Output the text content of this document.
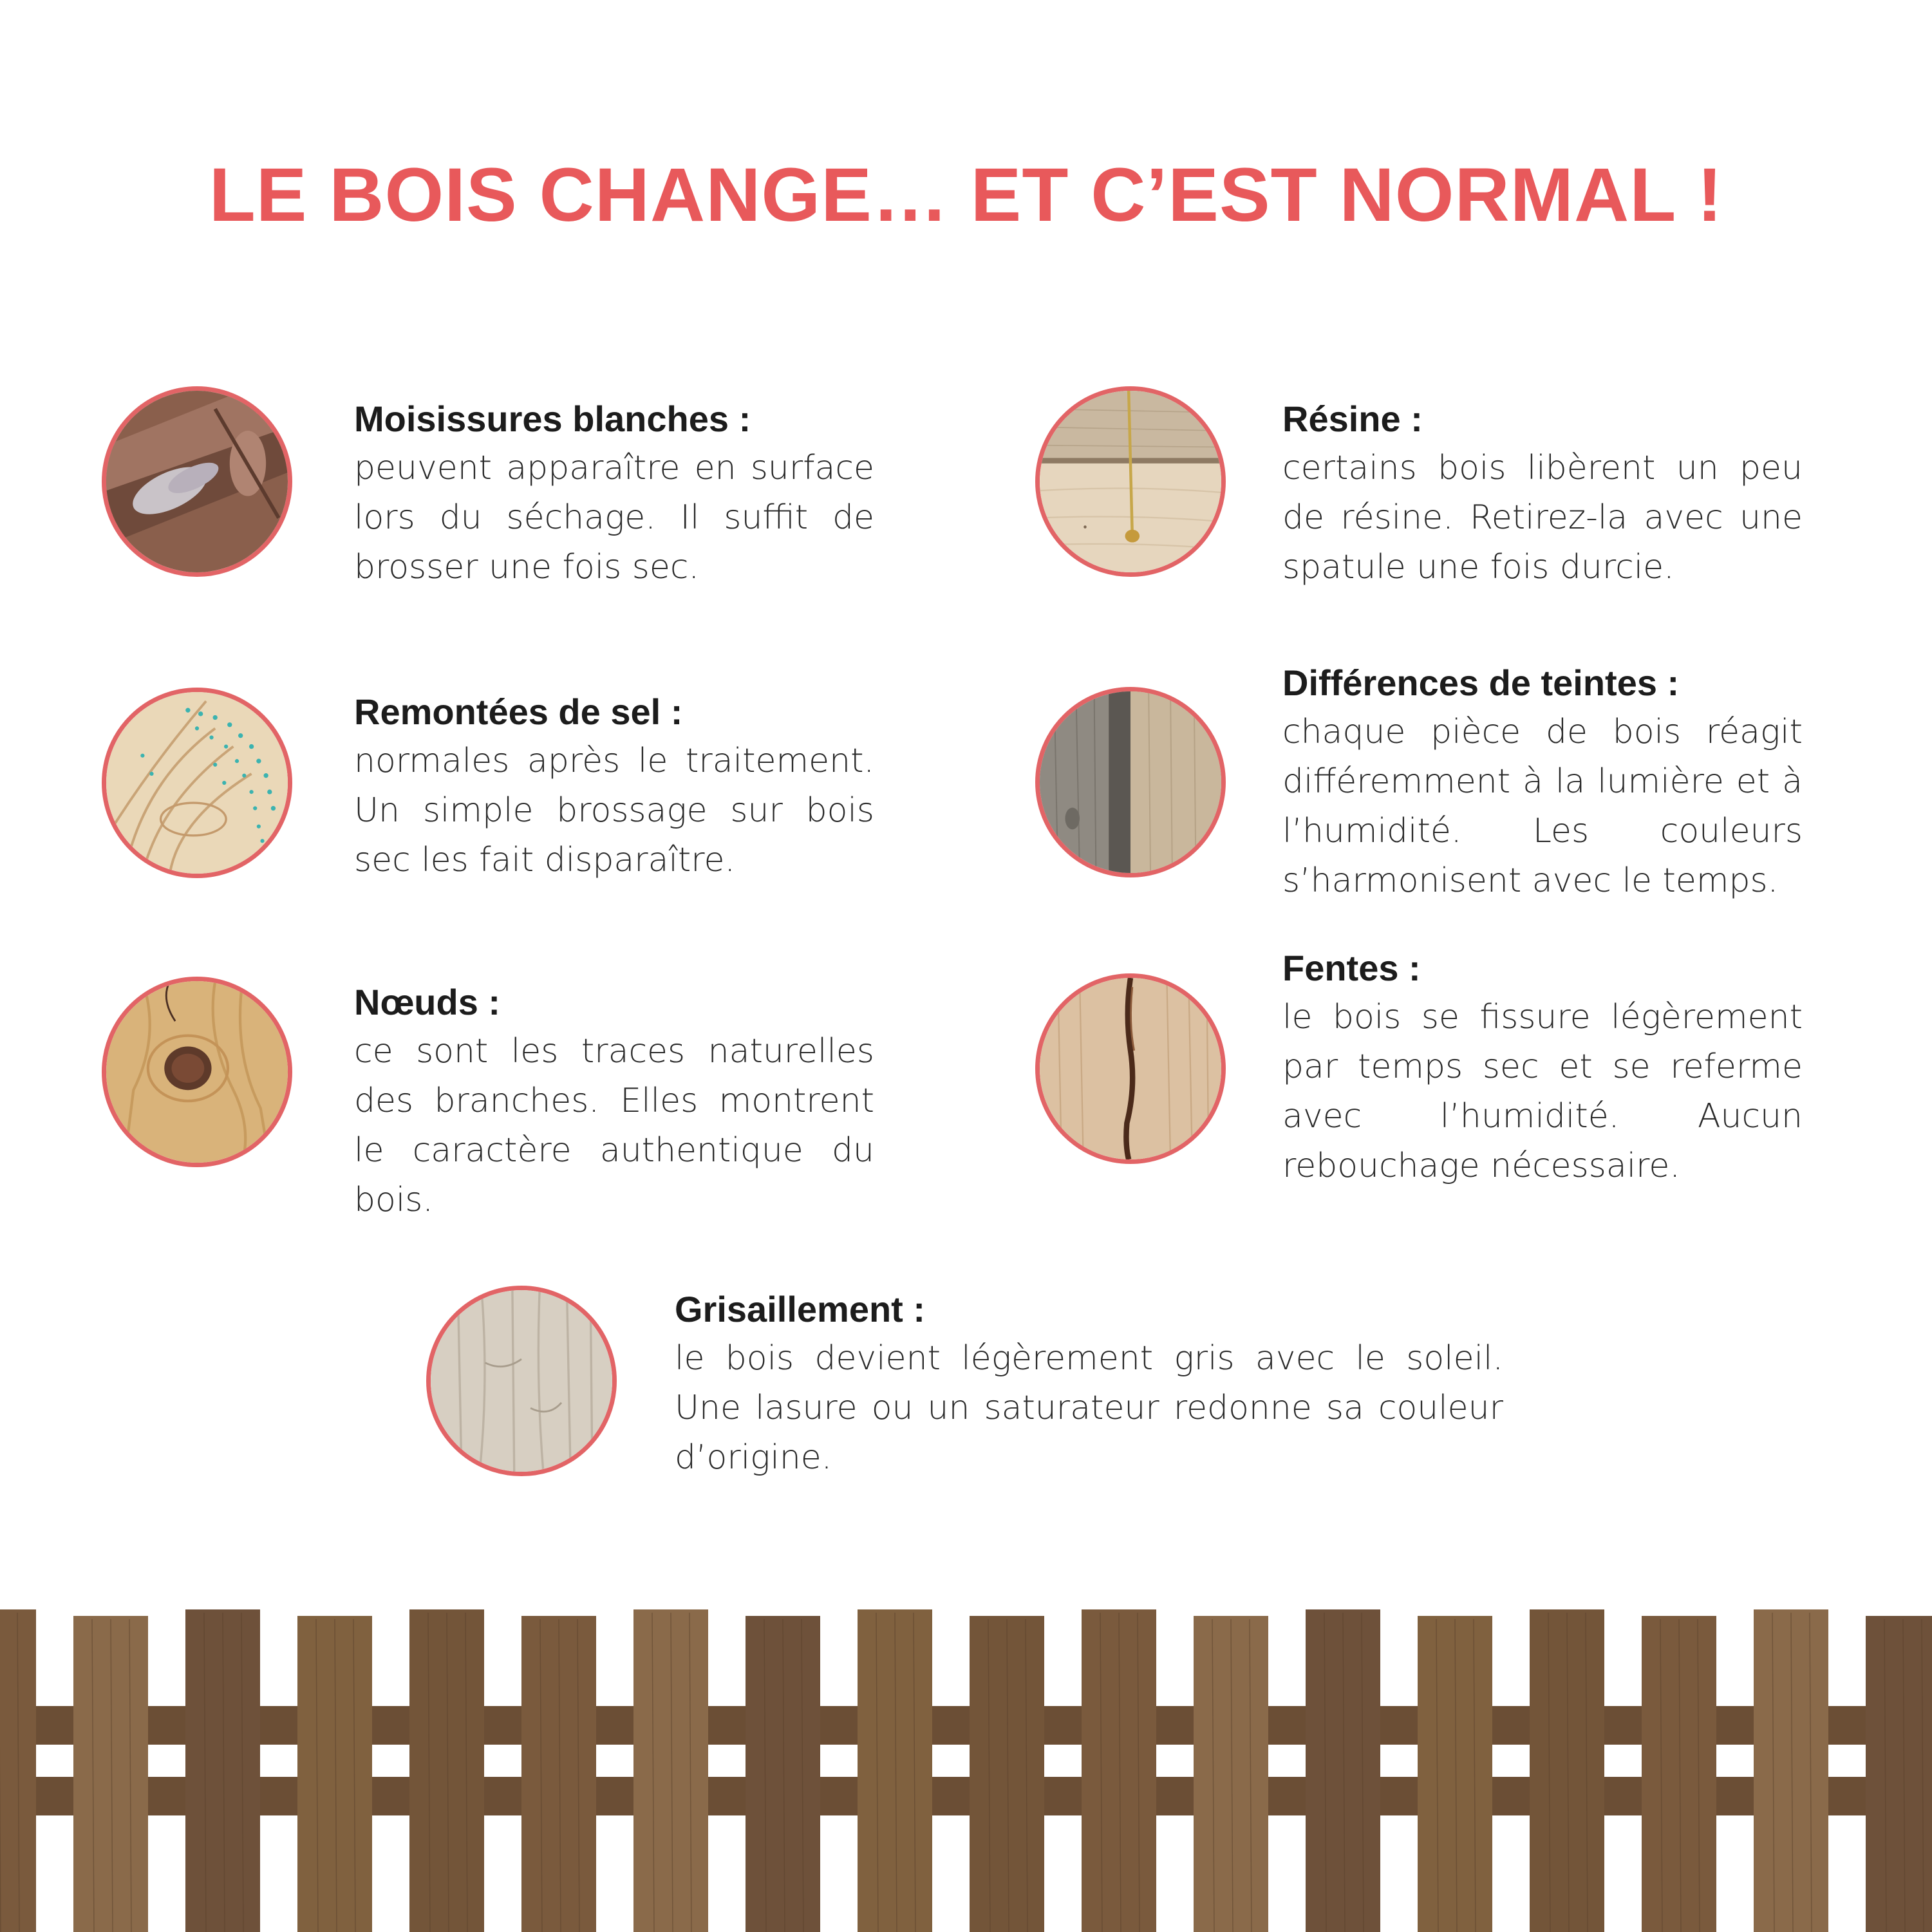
LE BOIS CHANGE… ET C’EST NORMAL !
Moisissures blanches :
peuvent apparaître en surface lors du séchage. Il suffit de brosser une fois sec.
Résine :
certains bois libèrent un peu de résine. Retirez-la avec une spatule une fois durcie.
Remontées de sel :
normales après le traitement. Un simple brossage sur bois sec les fait disparaître.
Différences de teintes :
chaque pièce de bois réagit différemment à la lumière et à l’humidité. Les couleurs s’harmonisent avec le temps.
Nœuds :
ce sont les traces naturelles des branches. Elles montrent le caractère authentique du bois.
Fentes :
le bois se fissure légèrement par temps sec et se referme avec l’humidité. Aucun rebouchage nécessaire.
Grisaillement :
le bois devient légèrement gris avec le soleil. Une lasure ou un saturateur redonne sa couleur d’origine.
